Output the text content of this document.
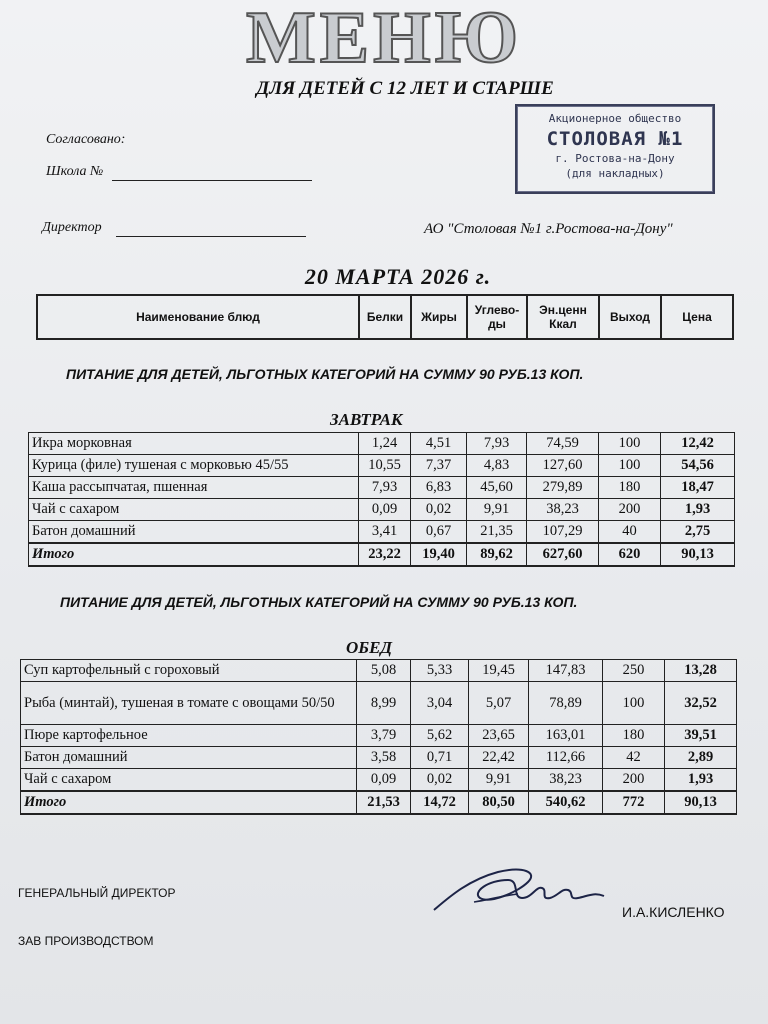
МЕНЮ
ДЛЯ ДЕТЕЙ С 12 ЛЕТ И СТАРШЕ
Согласовано:
Школа №
Директор	АО "Столовая №1 г.Ростова-на-Дону"
Акционерное общество
СТОЛОВАЯ №1
г. Ростова-на-Дону
(для накладных)
20 МАРТА 2026 г.
Наименование блюд	Белки	Жиры	Углево-ды	Эн.ценн Ккал	Выход	Цена
ПИТАНИЕ ДЛЯ ДЕТЕЙ, ЛЬГОТНЫХ КАТЕГОРИЙ НА СУММУ 90 РУБ.13 КОП.
ЗАВТРАК
Икра морковная	1,24	4,51	7,93	74,59	100	12,42
Курица (филе) тушеная с морковью 45/55	10,55	7,37	4,83	127,60	100	54,56
Каша рассыпчатая, пшенная	7,93	6,83	45,60	279,89	180	18,47
Чай с сахаром	0,09	0,02	9,91	38,23	200	1,93
Батон домашний	3,41	0,67	21,35	107,29	40	2,75
Итого	23,22	19,40	89,62	627,60	620	90,13
ПИТАНИЕ ДЛЯ ДЕТЕЙ, ЛЬГОТНЫХ КАТЕГОРИЙ НА СУММУ 90 РУБ.13 КОП.
ОБЕД
Суп картофельный с гороховый	5,08	5,33	19,45	147,83	250	13,28
Рыба (минтай), тушеная в томате с овощами 50/50	8,99	3,04	5,07	78,89	100	32,52
Пюре картофельное	3,79	5,62	23,65	163,01	180	39,51
Батон домашний	3,58	0,71	22,42	112,66	42	2,89
Чай с сахаром	0,09	0,02	9,91	38,23	200	1,93
Итого	21,53	14,72	80,50	540,62	772	90,13
ГЕНЕРАЛЬНЫЙ ДИРЕКТОР
ЗАВ ПРОИЗВОДСТВОМ
И.А.КИСЛЕНКО
